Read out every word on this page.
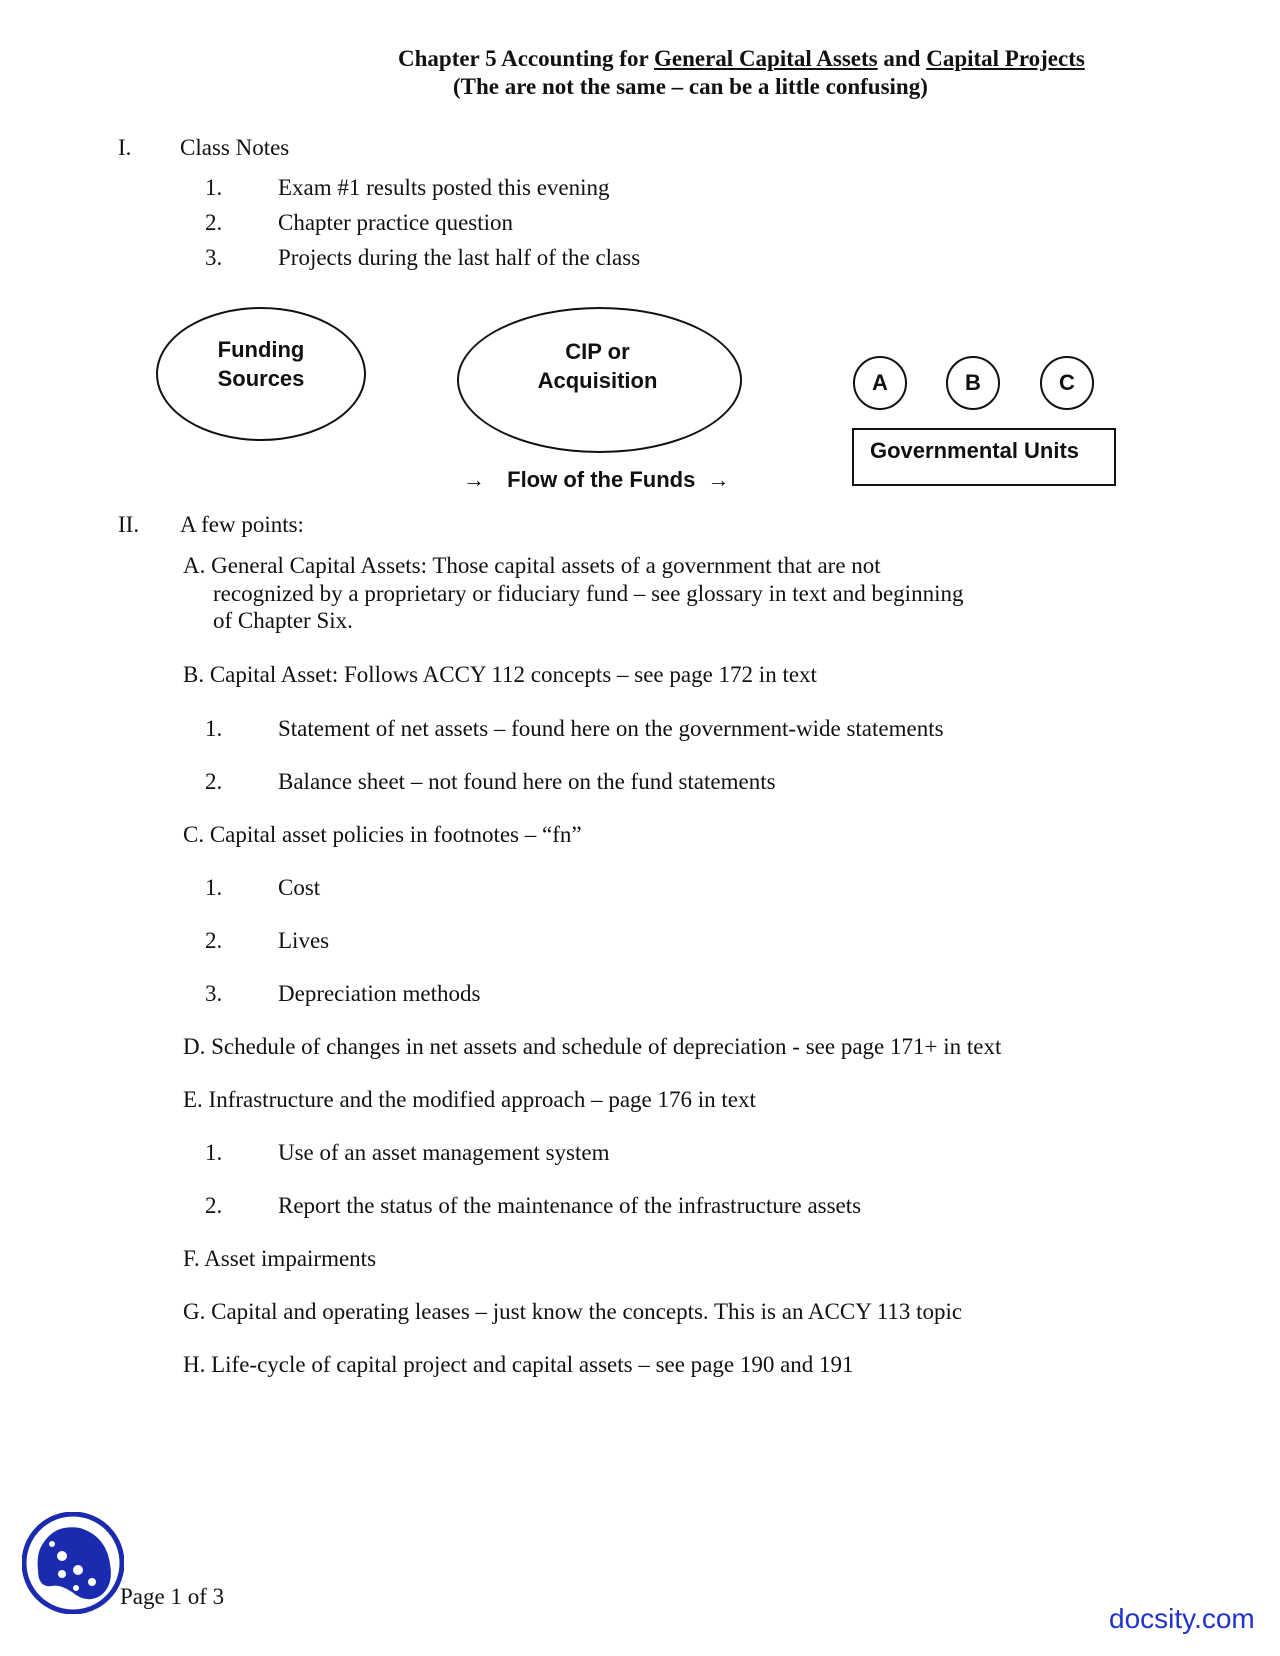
Chapter 5 Accounting for General Capital Assets and Capital Projects
(The are not the same – can be a little confusing)
I. Class Notes
1. Exam #1 results posted this evening
2. Chapter practice question
3. Projects during the last half of the class
Funding
Sources
CIP or
Acquisition	A	B	C
Governmental Units
→ Flow of the Funds →
II. A few points:
A. General Capital Assets: Those capital assets of a government that are not
recognized by a proprietary or fiduciary fund – see glossary in text and beginning
of Chapter Six.
B. Capital Asset: Follows ACCY 112 concepts – see page 172 in text
1. Statement of net assets – found here on the government-wide statements
2. Balance sheet – not found here on the fund statements
C. Capital asset policies in footnotes – “fn”
1. Cost
2. Lives
3. Depreciation methods
D. Schedule of changes in net assets and schedule of depreciation - see page 171+ in text
E. Infrastructure and the modified approach – page 176 in text
1. Use of an asset management system
2. Report the status of the maintenance of the infrastructure assets
F. Asset impairments
G. Capital and operating leases – just know the concepts. This is an ACCY 113 topic
H. Life-cycle of capital project and capital assets – see page 190 and 191
Page 1 of 3
docsity.com
